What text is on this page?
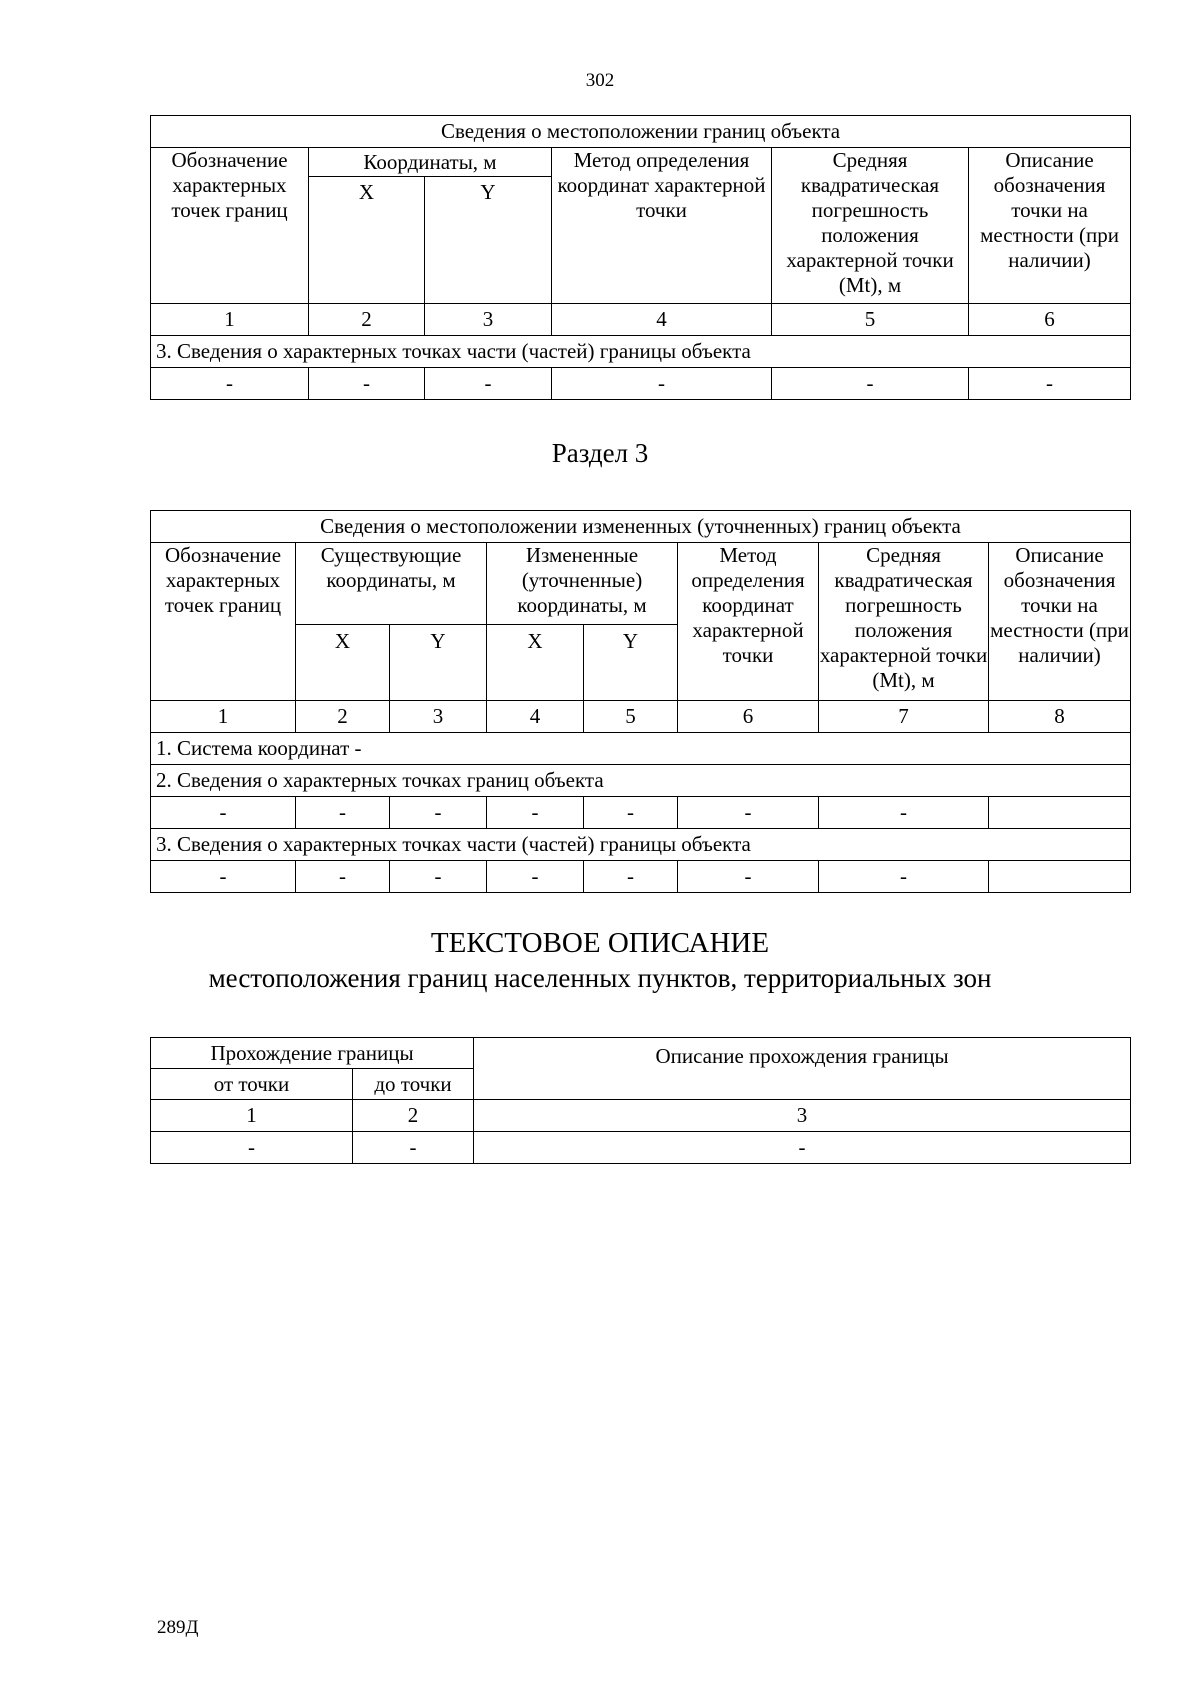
302
Сведения о местоположении границ объекта					
Обозначение характерных точек границ	Координаты, м		Метод определения координат характерной точки	Средняя квадратическая погрешность положения характерной точки (Mt), м	Описание обозначения точки на местности (при наличии)
	X	Y			
1	2	3	4	5	6
3. Сведения о характерных точках части (частей) границы объекта					
-	-	-	-	-	-
Раздел 3
Сведения о местоположении измененных (уточненных) границ объекта							
Обозначение характерных точек границ	Существующие координаты, м		Измененные (уточненные) координаты, м		Метод определения координат характерной точки	Средняя квадратическая погрешность положения характерной точки (Mt), м	Описание обозначения точки на местности (при наличии)
	X	Y	X	Y			
1	2	3	4	5	6	7	8
1. Система координат -							
2. Сведения о характерных точках границ объекта							
-	-	-	-	-	-	-	
3. Сведения о характерных точках части (частей) границы объекта							
-	-	-	-	-	-	-	
ТЕКСТОВОЕ ОПИСАНИЕ
местоположения границ населенных пунктов, территориальных зон
Прохождение границы		Описание прохождения границы
от точки	до точки	
1	2	3
-	-	-
289Д
